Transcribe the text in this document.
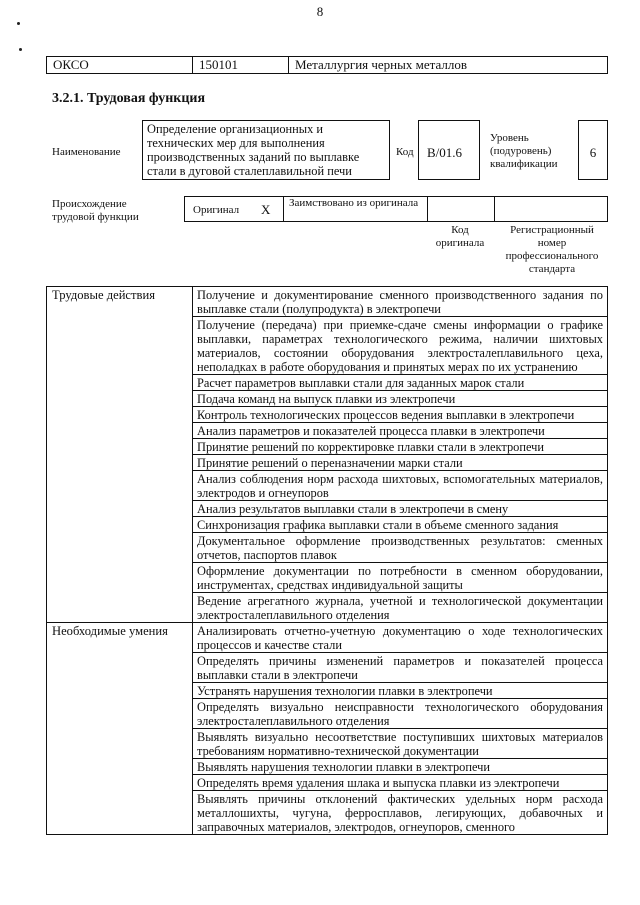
8
ОКСО	150101	Металлургия черных металлов
3.2.1. Трудовая функция
Наименование
Определение организационных и технических мер для выполнения производственных заданий по выплавке стали в дуговой сталеплавильной печи
Код	B/01.6
Уровень (подуровень) квалификации
6
Происхождение трудовой функции
Оригинал X Заимствовано из оригинала
Код оригинала
Регистрационный номер профессионального стандарта
Трудовые действия	Получение и документирование сменного производственного задания по выплавке стали (полупродукта) в электропечи
	Получение (передача) при приемке-сдаче смены информации о графике выплавки, параметрах технологического режима, наличии шихтовых материалов, состоянии оборудования электросталеплавильного цеха, неполадках в работе оборудования и принятых мерах по их устранению
	Расчет параметров выплавки стали для заданных марок стали
	Подача команд на выпуск плавки из электропечи
	Контроль технологических процессов ведения выплавки в электропечи
	Анализ параметров и показателей процесса плавки в электропечи
	Принятие решений по корректировке плавки стали в электропечи
	Принятие решений о переназначении марки стали
	Анализ соблюдения норм расхода шихтовых, вспомогательных материалов, электродов и огнеупоров
	Анализ результатов выплавки стали в электропечи в смену
	Синхронизация графика выплавки стали в объеме сменного задания
	Документальное оформление производственных результатов: сменных отчетов, паспортов плавок
	Оформление документации по потребности в сменном оборудовании, инструментах, средствах индивидуальной защиты
	Ведение агрегатного журнала, учетной и технологической документации электросталеплавильного отделения
Необходимые умения	Анализировать отчетно-учетную документацию о ходе технологических процессов и качестве стали
	Определять причины изменений параметров и показателей процесса выплавки стали в электропечи
	Устранять нарушения технологии плавки в электропечи
	Определять визуально неисправности технологического оборудования электросталеплавильного отделения
	Выявлять визуально несоответствие поступивших шихтовых материалов требованиям нормативно-технической документации
	Выявлять нарушения технологии плавки в электропечи
	Определять время удаления шлака и выпуска плавки из электропечи
	Выявлять причины отклонений фактических удельных норм расхода металлошихты, чугуна, ферросплавов, легирующих, добавочных и заправочных материалов, электродов, огнеупоров, сменного
